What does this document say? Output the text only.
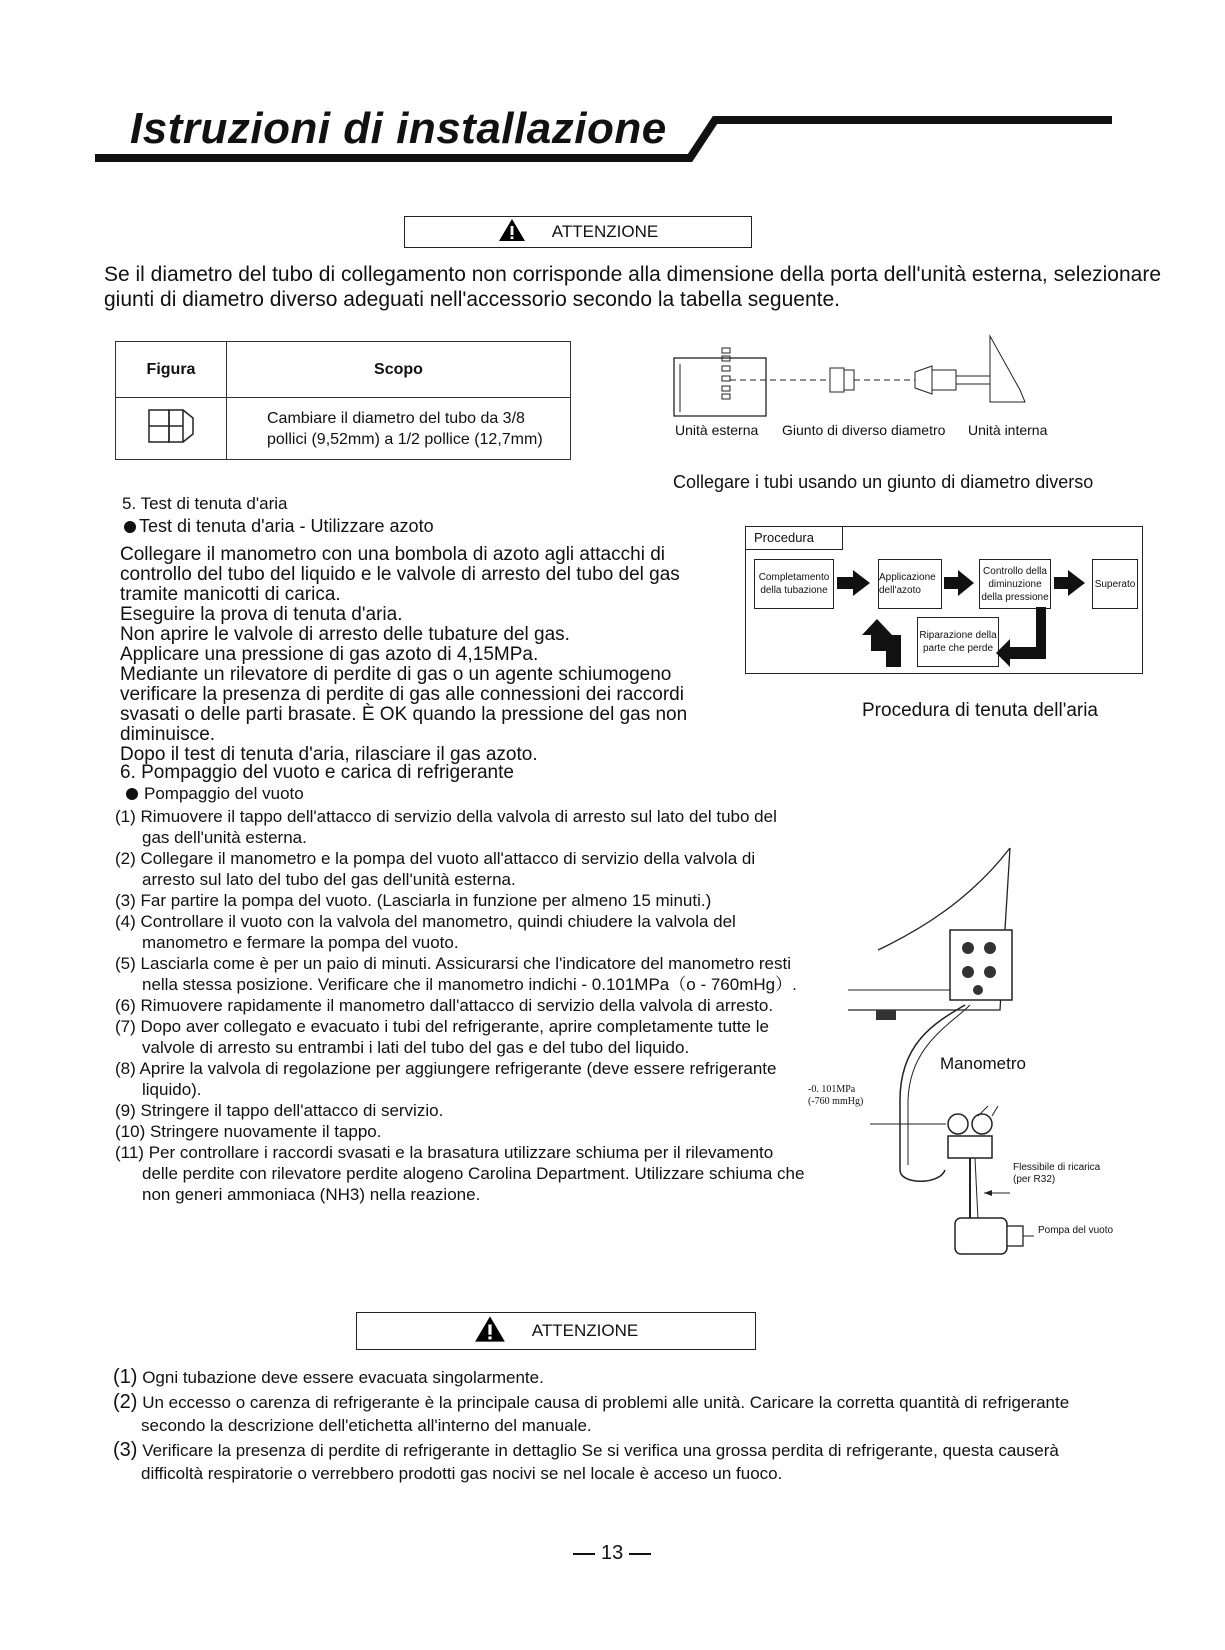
Istruzioni di installazione
ATTENZIONE
Se il diametro del tubo di collegamento non corrisponde alla dimensione della porta dell'unità esterna, selezionare giunti di diametro diverso adeguati nell'accessorio secondo la tabella seguente.
Figura	Scopo
	Cambiare il diametro del tubo da 3/8 pollici (9,52mm) a 1/2 pollice (12,7mm)
Unità esterna Giunto di diverso diametro Unità interna
Collegare i tubi usando un giunto di diametro diverso
5. Test di tenuta d'aria
Test di tenuta d'aria - Utilizzare azoto
Collegare il manometro con una bombola di azoto agli attacchi di
controllo del tubo del liquido e le valvole di arresto del tubo del gas
tramite manicotti di carica.
Eseguire la prova di tenuta d'aria.
Non aprire le valvole di arresto delle tubature del gas.
Applicare una pressione di gas azoto di 4,15MPa.
Mediante un rilevatore di perdite di gas o un agente schiumogeno
verificare la presenza di perdite di gas alle connessioni dei raccordi
svasati o delle parti brasate. È OK quando la pressione del gas non
diminuisce.
Dopo il test di tenuta d'aria, rilasciare il gas azoto.
Procedura
Completamento della tubazione
Applicazione dell'azoto
Controllo della diminuzione della pressione
Superato
Riparazione della parte che perde
Procedura di tenuta dell'aria
6. Pompaggio del vuoto e carica di refrigerante
Pompaggio del vuoto

(1) Rimuovere il tappo dell'attacco di servizio della valvola di arresto sul lato del tubo del gas dell'unità esterna.

(2) Collegare il manometro e la pompa del vuoto all'attacco di servizio della valvola di arresto sul lato del tubo del gas dell'unità esterna.

(3) Far partire la pompa del vuoto. (Lasciarla in funzione per almeno 15 minuti.)

(4) Controllare il vuoto con la valvola del manometro, quindi chiudere la valvola del manometro e fermare la pompa del vuoto.

(5) Lasciarla come è per un paio di minuti. Assicurarsi che l'indicatore del manometro resti nella stessa posizione. Verificare che il manometro indichi - 0.101MPa（o - 760mHg）.

(6) Rimuovere rapidamente il manometro dall'attacco di servizio della valvola di arresto.

(7) Dopo aver collegato e evacuato i tubi del refrigerante, aprire completamente tutte le valvole di arresto su entrambi i lati del tubo del gas e del tubo del liquido.

(8) Aprire la valvola di regolazione per aggiungere refrigerante (deve essere refrigerante liquido).

(9) Stringere il tappo dell'attacco di servizio.

(10) Stringere nuovamente il tappo.

(11) Per controllare i raccordi svasati e la brasatura utilizzare schiuma per il rilevamento delle perdite con rilevatore perdite alogeno Carolina Department. Utilizzare schiuma che non generi ammoniaca (NH3) nella reazione.

Manometro
-0. 101MPa
(-760 mmHg)
Flessibile di ricarica
(per R32)
Pompa del vuoto
ATTENZIONE

(1) Ogni tubazione deve essere evacuata singolarmente.

(2) Un eccesso o carenza di refrigerante è la principale causa di problemi alle unità. Caricare la corretta quantità di refrigerante secondo la descrizione dell'etichetta all'interno del manuale.

(3) Verificare la presenza di perdite di refrigerante in dettaglio Se si verifica una grossa perdita di refrigerante, questa causerà difficoltà respiratorie o verrebbero prodotti gas nocivi se nel locale è acceso un fuoco.

13
